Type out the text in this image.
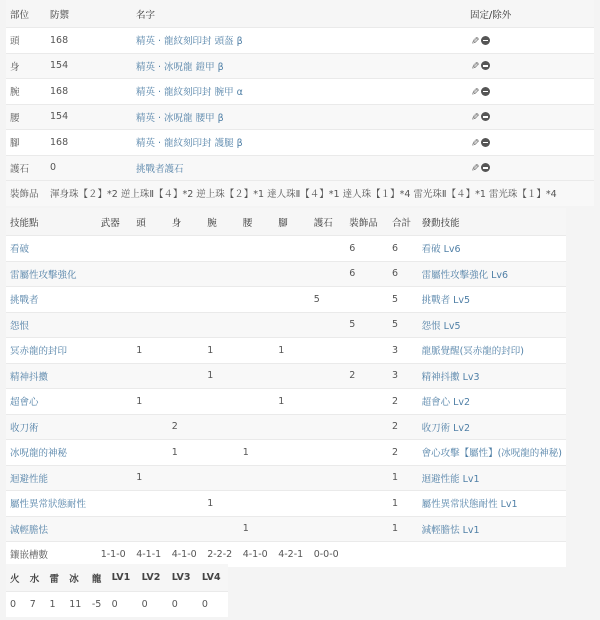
部位	防禦	名字	固定/除外
頭	168	精英 · 龍紋刻印封 頭盔 β	✎
身	154	精英 · 冰呪龍 鎧甲 β	✎
腕	168	精英 · 龍紋刻印封 腕甲 α	✎
腰	154	精英 · 冰呪龍 腰甲 β	✎
腳	168	精英 · 龍紋刻印封 護腿 β	✎
護石	0	挑戰者護石	✎
裝飾品	渾身珠【２】*2 逆上珠Ⅱ【４】*2 逆上珠【２】*1 達人珠Ⅱ【４】*1 達人珠【１】*4 雷光珠Ⅱ【４】*1 雷光珠【１】*4		
技能點	武器	頭	身	腕	腰	腳	護石	裝飾品	合計	發動技能
看破								6	6	看破 Lv6
雷屬性攻擊強化								6	6	雷屬性攻擊強化 Lv6
挑戰者							5		5	挑戰者 Lv5
怨恨								5	5	怨恨 Lv5
冥赤龍的封印		1		1		1			3	龍脈覺醒(冥赤龍的封印)
精神抖擻				1				2	3	精神抖擻 Lv3
超會心		1				1			2	超會心 Lv2
收刀術			2						2	收刀術 Lv2
冰呪龍的神秘			1		1				2	會心攻擊【屬性】(冰呪龍的神秘)
迴避性能		1							1	迴避性能 Lv1
屬性異常狀態耐性				1					1	屬性異常狀態耐性 Lv1
減輕膽怯					1				1	減輕膽怯 Lv1
鑲嵌槽數	1-1-0	4-1-1	4-1-0	2-2-2	4-1-0	4-2-1	0-0-0			
火	水	雷	冰	龍	LV1	LV2	LV3	LV4
0	7	1	11	-5	0	0	0	0
